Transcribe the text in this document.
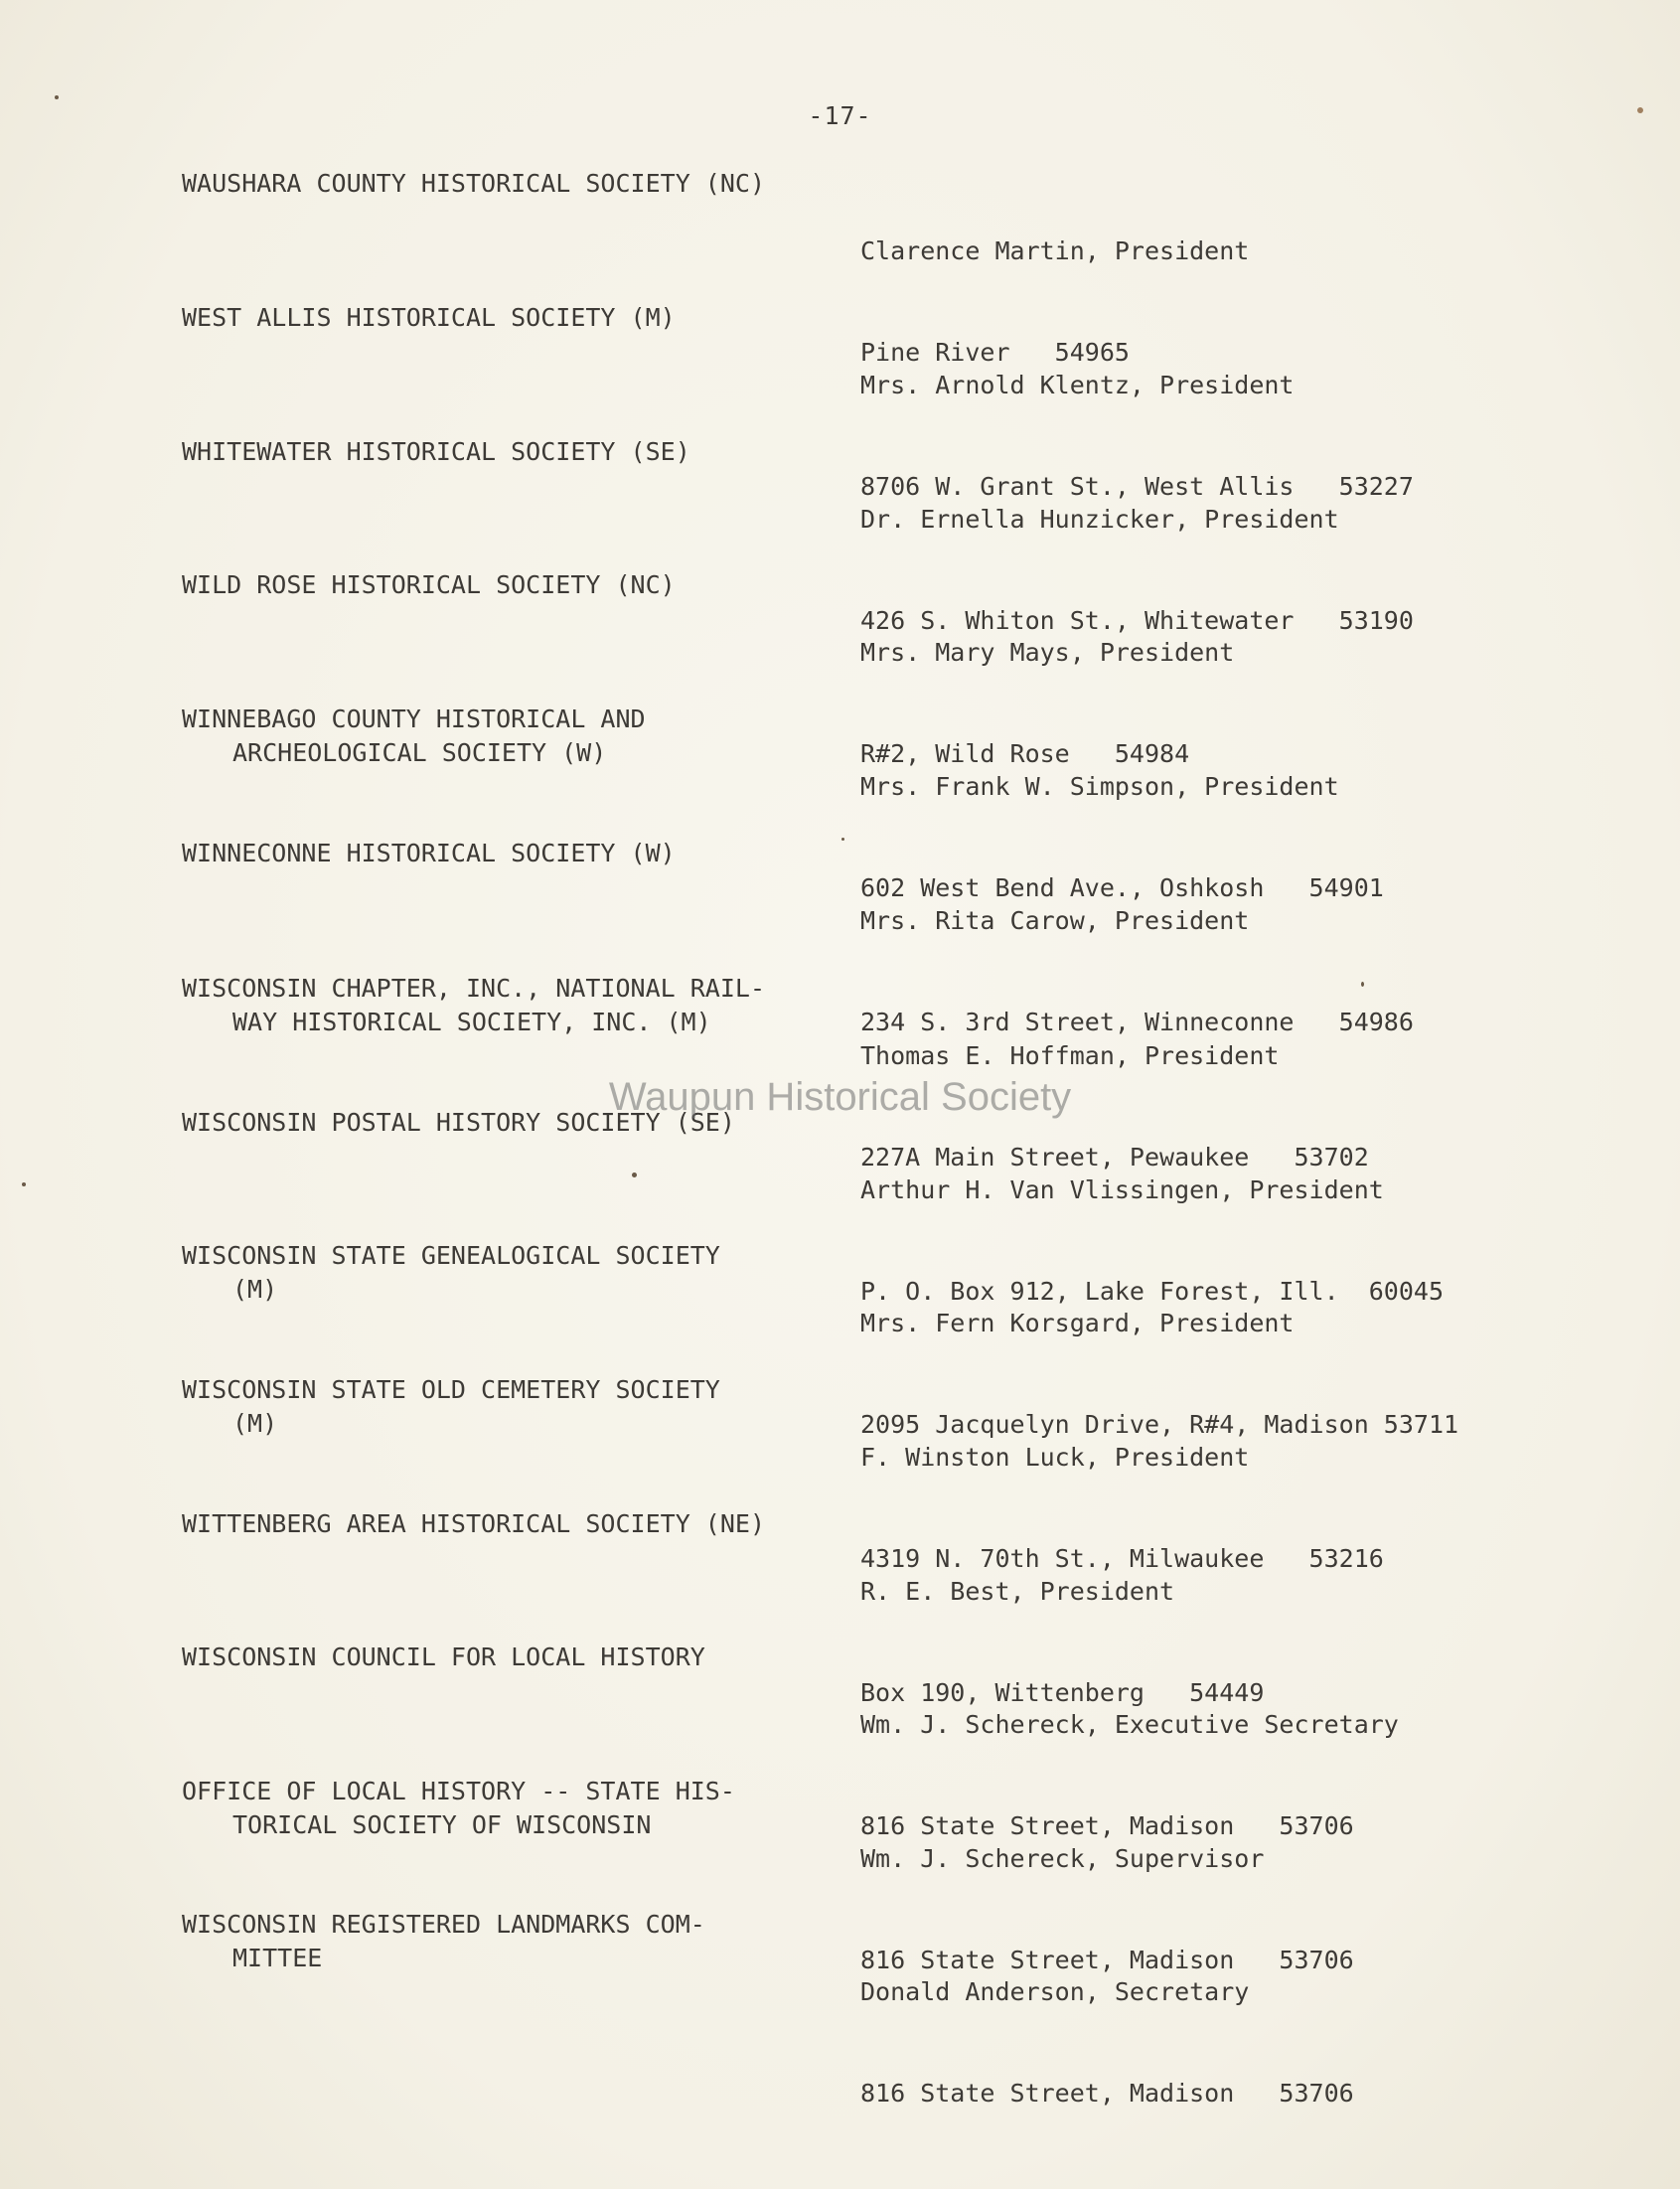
-17-
WAUSHARA COUNTY HISTORICAL SOCIETY (NC)

Clarence Martin, President

Pine River   54965

WEST ALLIS HISTORICAL SOCIETY (M)

Mrs. Arnold Klentz, President

8706 W. Grant St., West Allis   53227

WHITEWATER HISTORICAL SOCIETY (SE)

Dr. Ernella Hunzicker, President

426 S. Whiton St., Whitewater   53190

WILD ROSE HISTORICAL SOCIETY (NC)

Mrs. Mary Mays, President

R#2, Wild Rose   54984

WINNEBAGO COUNTY HISTORICAL AND
ARCHEOLOGICAL SOCIETY (W)

Mrs. Frank W. Simpson, President

602 West Bend Ave., Oshkosh   54901

WINNECONNE HISTORICAL SOCIETY (W)

Mrs. Rita Carow, President

234 S. 3rd Street, Winneconne   54986

WISCONSIN CHAPTER, INC., NATIONAL RAIL-
WAY HISTORICAL SOCIETY, INC. (M)

Thomas E. Hoffman, President

227A Main Street, Pewaukee   53702

WISCONSIN POSTAL HISTORY SOCIETY (SE)

Arthur H. Van Vlissingen, President

P. O. Box 912, Lake Forest, Ill.  60045

WISCONSIN STATE GENEALOGICAL SOCIETY
(M)

Mrs. Fern Korsgard, President

2095 Jacquelyn Drive, R#4, Madison 53711

WISCONSIN STATE OLD CEMETERY SOCIETY
(M)

F. Winston Luck, President

4319 N. 70th St., Milwaukee   53216

WITTENBERG AREA HISTORICAL SOCIETY (NE)

R. E. Best, President

Box 190, Wittenberg   54449

WISCONSIN COUNCIL FOR LOCAL HISTORY

Wm. J. Schereck, Executive Secretary

816 State Street, Madison   53706

OFFICE OF LOCAL HISTORY -- STATE HIS-
TORICAL SOCIETY OF WISCONSIN

Wm. J. Schereck, Supervisor

816 State Street, Madison   53706

WISCONSIN REGISTERED LANDMARKS COM-
MITTEE

Donald Anderson, Secretary

816 State Street, Madison   53706

Waupun Historical Society
